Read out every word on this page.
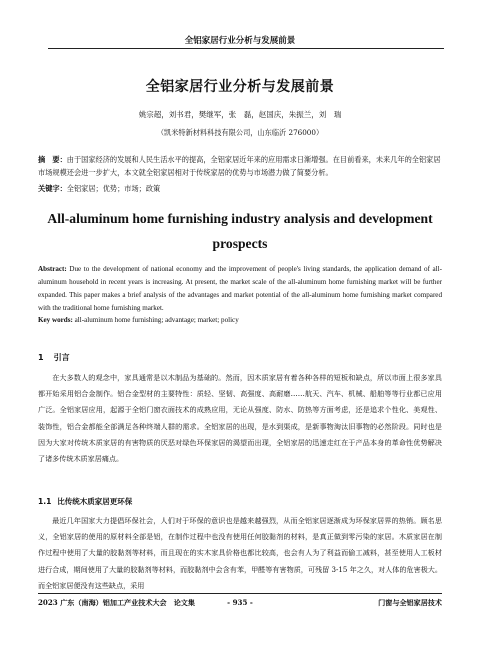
全铝家居行业分析与发展前景
全铝家居行业分析与发展前景
姚宗超，刘书君，樊继军，张　磊，赵国庆，朱振兰，刘　瑞
（凯米特新材料科技有限公司，山东临沂 276000）

摘　要：由于国家经济的发展和人民生活水平的提高，全铝家居近年来的应用需求日渐增强。在目前看来，未来几年的全铝家居市场规模还会进一步扩大，本文就全铝家居相对于传统家居的优势与市场潜力做了简要分析。

关键字：全铝家居；优势；市场；政策

All-aluminum home furnishing industry analysis and development prospects

Abstract: Due to the development of national economy and the improvement of people's living standards, the application demand of all-aluminum household in recent years is increasing. At present, the market scale of the all-aluminum home furnishing market will be further expanded. This paper makes a brief analysis of the advantages and market potential of the all-aluminum home furnishing market compared with the traditional home furnishing market.

Key words: all-aluminum home furnishing; advantage; market; policy

1 引言

在大多数人的观念中，家具通常是以木制品为基础的。然而，因木质家居有着各种各样的短板和缺点，所以市面上很多家具都开始采用铝合金制作。铝合金型材的主要特性：质轻、坚韧、高强度、高耐磨……航天、汽车、机械、船舶等等行业都已应用广泛。全铝家居应用，起源于全铝门窗衣面技术的成熟应用，无论从强度、防水、防热等方面考虑，还是追求个性化、美观性、装饰性，铝合金都能全部满足各种终端人群的需求。全铝家居的出现，是水到渠成，是新事物淘汰旧事物的必然阶段。同时也是因为大家对传统木质家居的有害物质的厌恶对绿色环保家居的渴望而出现，全铝家居的迅速走红在于产品本身的革命性优势解决了诸多传统木质家居痛点。

1.1 比传统木质家居更环保

最近几年国家大力提倡环保社会，人们对于环保的意识也是越来越强烈，从而全铝家居逐渐成为环保家居界的热销。顾名思义，全铝家居的使用的原材料全部是铝，在制作过程中也没有使用任何胶黏剂的材料，是真正做到零污染的家居。木质家居在制作过程中使用了大量的胶黏剂等材料，而且现在的实木家具价格也都比较高，也会有人为了利益而偷工减料，甚至使用人工板材进行合成，期间使用了大量的胶黏剂等材料，而胶黏剂中会含有苯，甲醛等有害物质，可残留 3-15 年之久，对人体的危害极大。而全铝家居便没有这些缺点，采用

2023 广东（南海）铝加工产业技术大会　论文集	- 935 -	门窗与全铝家居技术
